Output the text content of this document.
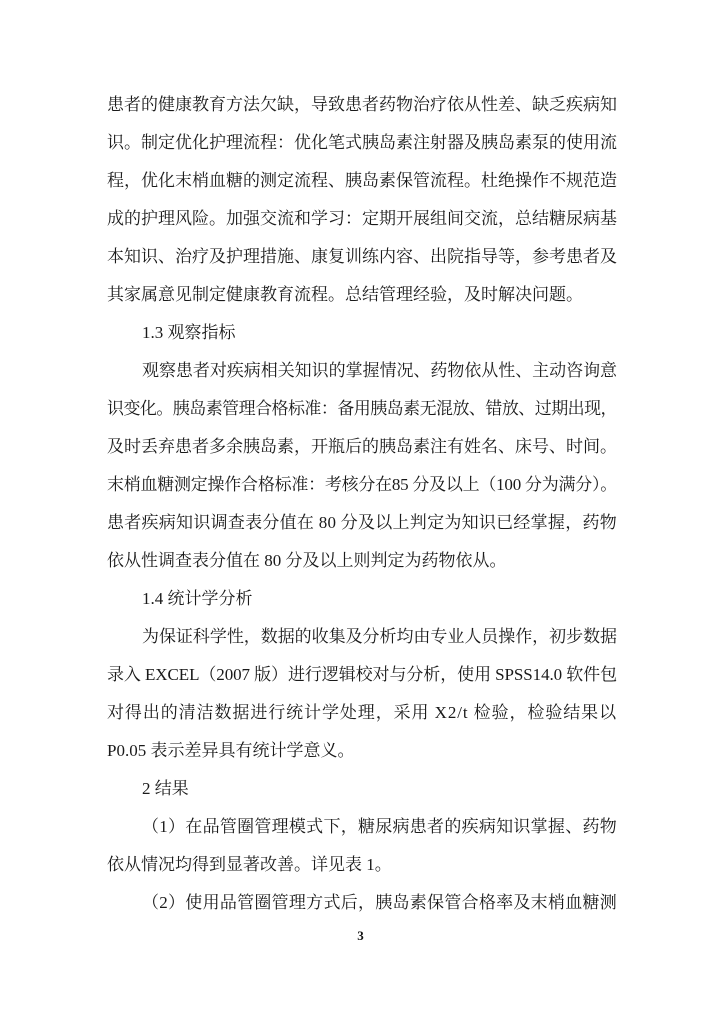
患者的健康教育方法欠缺，导致患者药物治疗依从性差、缺乏疾病知
识。制定优化护理流程：优化笔式胰岛素注射器及胰岛素泵的使用流
程，优化末梢血糖的测定流程、胰岛素保管流程。杜绝操作不规范造
成的护理风险。加强交流和学习：定期开展组间交流，总结糖尿病基
本知识、治疗及护理措施、康复训练内容、出院指导等，参考患者及
其家属意见制定健康教育流程。总结管理经验，及时解决问题。
1.3 观察指标
观察患者对疾病相关知识的掌握情况、药物依从性、主动咨询意
识变化。胰岛素管理合格标准：备用胰岛素无混放、错放、过期出现，
及时丢弃患者多余胰岛素，开瓶后的胰岛素注有姓名、床号、时间。
末梢血糖测定操作合格标准：考核分在85 分及以上（100 分为满分）。
患者疾病知识调查表分值在 80 分及以上判定为知识已经掌握，药物
依从性调查表分值在 80 分及以上则判定为药物依从。
1.4 统计学分析
为保证科学性，数据的收集及分析均由专业人员操作，初步数据
录入 EXCEL（2007 版）进行逻辑校对与分析，使用 SPSS14.0 软件包
对得出的清洁数据进行统计学处理，采用 X2/t 检验，检验结果以
P0.05 表示差异具有统计学意义。
2 结果
（1）在品管圈管理模式下，糖尿病患者的疾病知识掌握、药物
依从情况均得到显著改善。详见表 1。
（2）使用品管圈管理方式后，胰岛素保管合格率及末梢血糖测
3
